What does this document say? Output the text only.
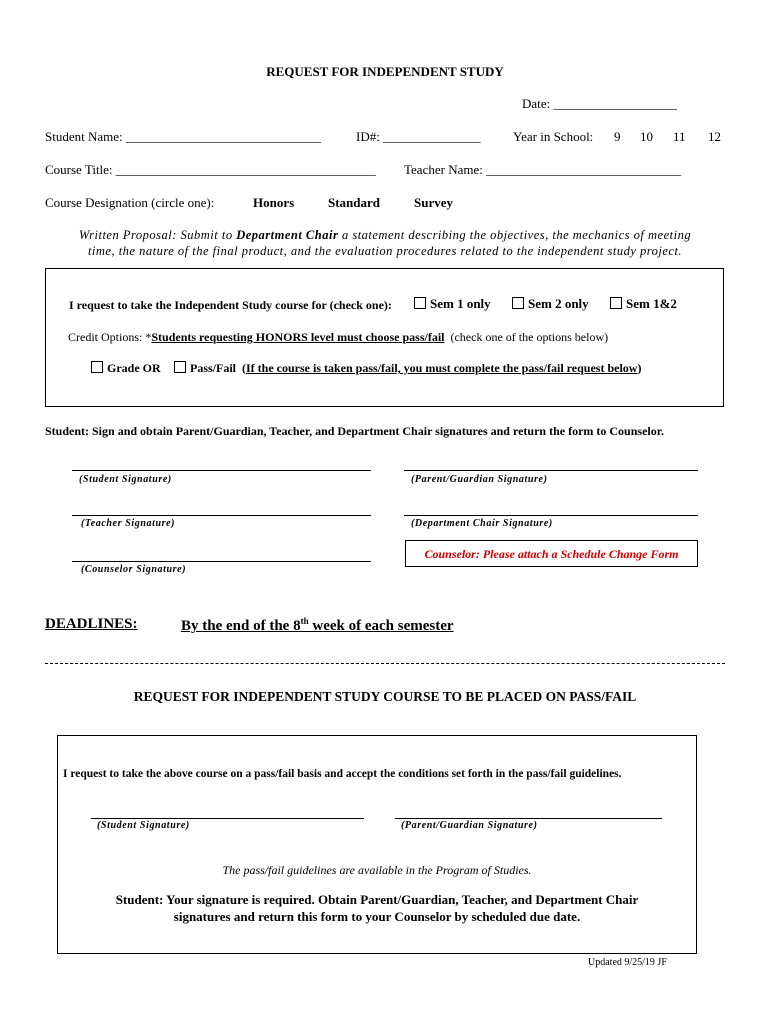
REQUEST FOR INDEPENDENT STUDY
Date: ___________________
Student Name: ______________________________	ID#: _______________ Year in School: 9 10 11 12
Course Title: ________________________________________ Teacher Name: ______________________________
Course Designation (circle one):	Honors	Standard	Survey
Written Proposal: Submit to Department Chair a statement describing the objectives, the mechanics of meeting
time, the nature of the final product, and the evaluation procedures related to the independent study project.
I request to take the Independent Study course for (check one):	Sem 1 only	Sem 2 only	Sem 1&2
Credit Options: *Students requesting HONORS level must choose pass/fail (check one of the options below)
Grade OR	Pass/Fail  (If the course is taken pass/fail, you must complete the pass/fail request below)
Student: Sign and obtain Parent/Guardian, Teacher, and Department Chair signatures and return the form to Counselor.
(Student Signature)	(Parent/Guardian Signature)
(Teacher Signature)	(Department Chair Signature)
(Counselor Signature)
Counselor: Please attach a Schedule Change Form
DEADLINES:	By the end of the 8th week of each semester
REQUEST FOR INDEPENDENT STUDY COURSE TO BE PLACED ON PASS/FAIL
I request to take the above course on a pass/fail basis and accept the conditions set forth in the pass/fail guidelines.
(Student Signature)	(Parent/Guardian Signature)
The pass/fail guidelines are available in the Program of Studies.
Student: Your signature is required. Obtain Parent/Guardian, Teacher, and Department Chair
signatures and return this form to your Counselor by scheduled due date.
Updated 9/25/19 JF
